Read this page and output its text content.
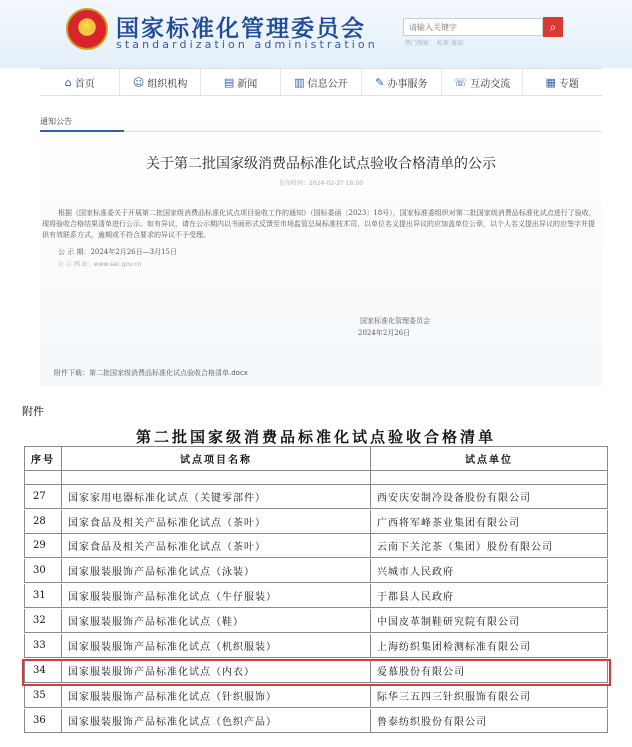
★ 国家标准化管理委员会
standardization administration
请输入关键字
⌕
热门搜索： 标准 通知
⌂ 首页	☺ 组织机构	▤ 新闻	▥ 信息公开	✎ 办事服务 ☏ 互动交流	▦ 专题
通知公告
关于第二批国家级消费品标准化试点验收合格清单的公示
发布时间：2024-02-27 16:00
根据《国家标准委关于开展第二批国家级消费品标准化试点项目验收工作的通知》（国标委函〔2023〕18号），国家标准委组织对第二批国家级消费品标准化试点进行了验收，现将验收合格结果清单进行公示。如有异议，请在公示期内以书面形式反馈至市场监管总局标准技术司，以单位名义提出异议的应加盖单位公章，以个人名义提出异议的应签字并提供有效联系方式，逾期或不符合要求的异议不予受理。
公 示 期：2024年2月26日—3月15日
公 示 网 站：www.sac.gov.cn
国家标准化管理委员会
2024年2月26日
附件下载：第二批国家级消费品标准化试点验收合格清单.docx
附件
第二批国家级消费品标准化试点验收合格清单
序号	试点项目名称	试点单位
27	国家家用电器标准化试点（关键零部件）	西安庆安制冷设备股份有限公司
28	国家食品及相关产品标准化试点（茶叶）	广西将军峰茶业集团有限公司
29	国家食品及相关产品标准化试点（茶叶）	云南下关沱茶（集团）股份有限公司
30	国家服装服饰产品标准化试点（泳装）	兴城市人民政府
31	国家服装服饰产品标准化试点（牛仔服装）	于都县人民政府
32	国家服装服饰产品标准化试点（鞋）	中国皮革制鞋研究院有限公司
33	国家服装服饰产品标准化试点（机织服装）	上海纺织集团检测标准有限公司
34	国家服装服饰产品标准化试点（内衣）	爱慕股份有限公司
35	国家服装服饰产品标准化试点（针织服饰）	际华三五四三针织服饰有限公司
36	国家服装服饰产品标准化试点（色织产品）	鲁泰纺织股份有限公司
